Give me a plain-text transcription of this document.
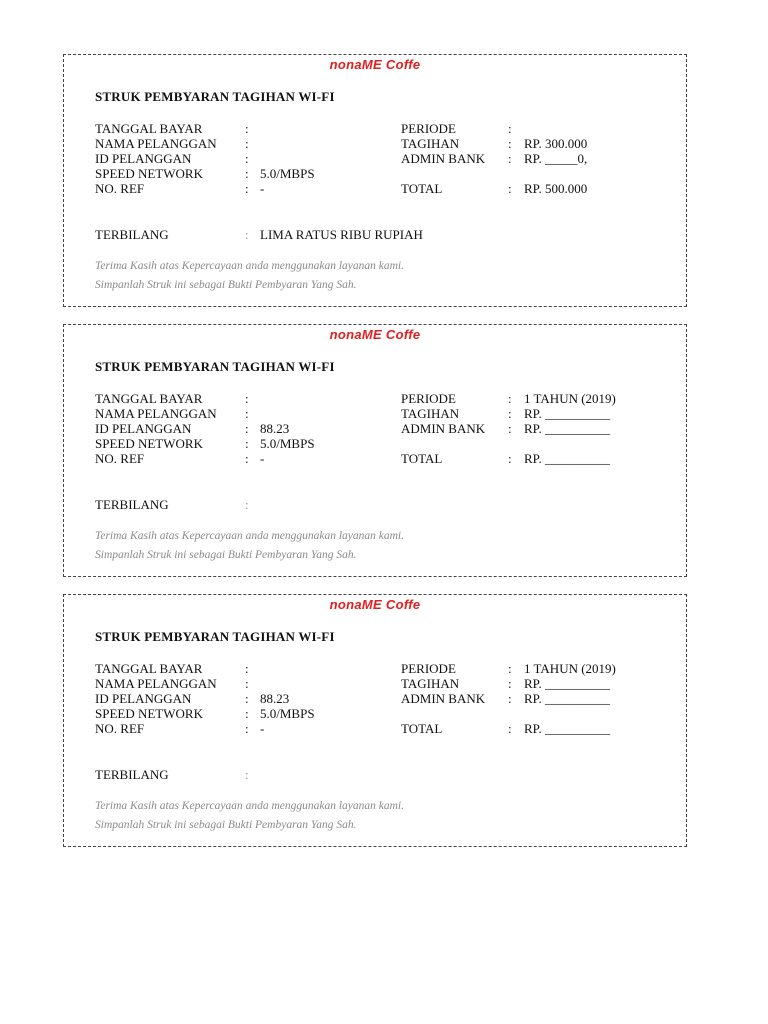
nonaME Coffe
STRUK PEMBYARAN TAGIHAN WI-FI
TANGGAL BAYAR	:	PERIODE	:
NAMA PELANGGAN :	TAGIHAN	: RP. 300.000
ID PELANGGAN	:	ADMIN BANK : RP. _____0,
SPEED NETWORK	: 5.0/MBPS
NO. REF	: -	TOTAL	: RP. 500.000
TERBILANG	: LIMA RATUS RIBU RUPIAH
Terima Kasih atas Kepercayaan anda menggunakan layanan kami.
Simpanlah Struk ini sebagai Bukti Pembyaran Yang Sah.
nonaME Coffe
STRUK PEMBYARAN TAGIHAN WI-FI
TANGGAL BAYAR	:	PERIODE	: 1 TAHUN (2019)
NAMA PELANGGAN :	TAGIHAN	: RP. __________
ID PELANGGAN	: 88.23	ADMIN BANK : RP. __________
SPEED NETWORK	: 5.0/MBPS
NO. REF	: -	TOTAL	: RP. __________
TERBILANG	:
Terima Kasih atas Kepercayaan anda menggunakan layanan kami.
Simpanlah Struk ini sebagai Bukti Pembyaran Yang Sah.
nonaME Coffe
STRUK PEMBYARAN TAGIHAN WI-FI
TANGGAL BAYAR	:	PERIODE	: 1 TAHUN (2019)
NAMA PELANGGAN :	TAGIHAN	: RP. __________
ID PELANGGAN	: 88.23	ADMIN BANK : RP. __________
SPEED NETWORK	: 5.0/MBPS
NO. REF	: -	TOTAL	: RP. __________
TERBILANG	:
Terima Kasih atas Kepercayaan anda menggunakan layanan kami.
Simpanlah Struk ini sebagai Bukti Pembyaran Yang Sah.
